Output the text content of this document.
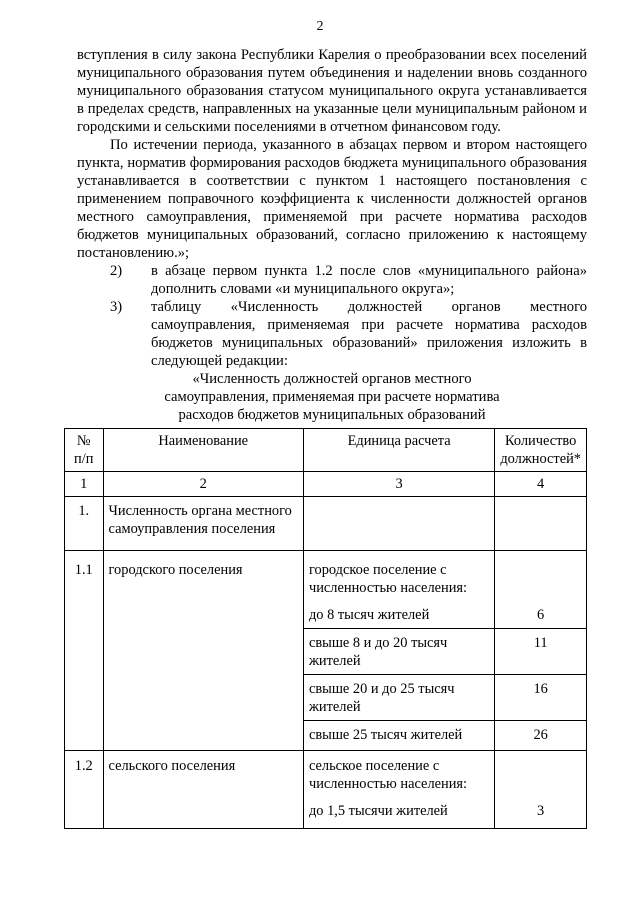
2

вступления в силу закона Республики Карелия о преобразовании всех поселений муниципального образования путем объединения и наделении вновь созданного муниципального образования статусом муниципального округа устанавливается в пределах средств, направленных на указанные цели муниципальным районом и городскими и сельскими поселениями в отчетном финансовом году.

По истечении периода, указанного в абзацах первом и втором настоящего пункта, норматив формирования расходов бюджета муниципального образования устанавливается в соответствии с пунктом 1 настоящего постановления с применением поправочного коэффициента к численности должностей органов местного самоуправления, применяемой при расчете норматива расходов бюджетов муниципальных образований, согласно приложению к настоящему постановлению.»;

2)	в абзаце первом пункта 1.2 после слов «муниципального района» дополнить словами «и муниципального округа»;
3)	таблицу «Численность должностей органов местного самоуправления, применяемая при расчете норматива расходов бюджетов муниципальных образований» приложения изложить в следующей редакции:

«Численность должностей органов местного

самоуправления, применяемая при расчете норматива

расходов бюджетов муниципальных образований

№ п/п	Наименование	Единица расчета	Количество должностей*
1	2	3	4
1.	Численность органа местного самоуправления поселения		
1.1	городского поселения	городское поселение с численностью населения:	
		до 8 тысяч жителей	6
		свыше 8 и до 20 тысяч жителей	11
		свыше 20 и до 25 тысяч жителей	16
		свыше 25 тысяч жителей	26
1.2	сельского поселения	сельское поселение с численностью населения:	
		до 1,5 тысячи жителей	3
